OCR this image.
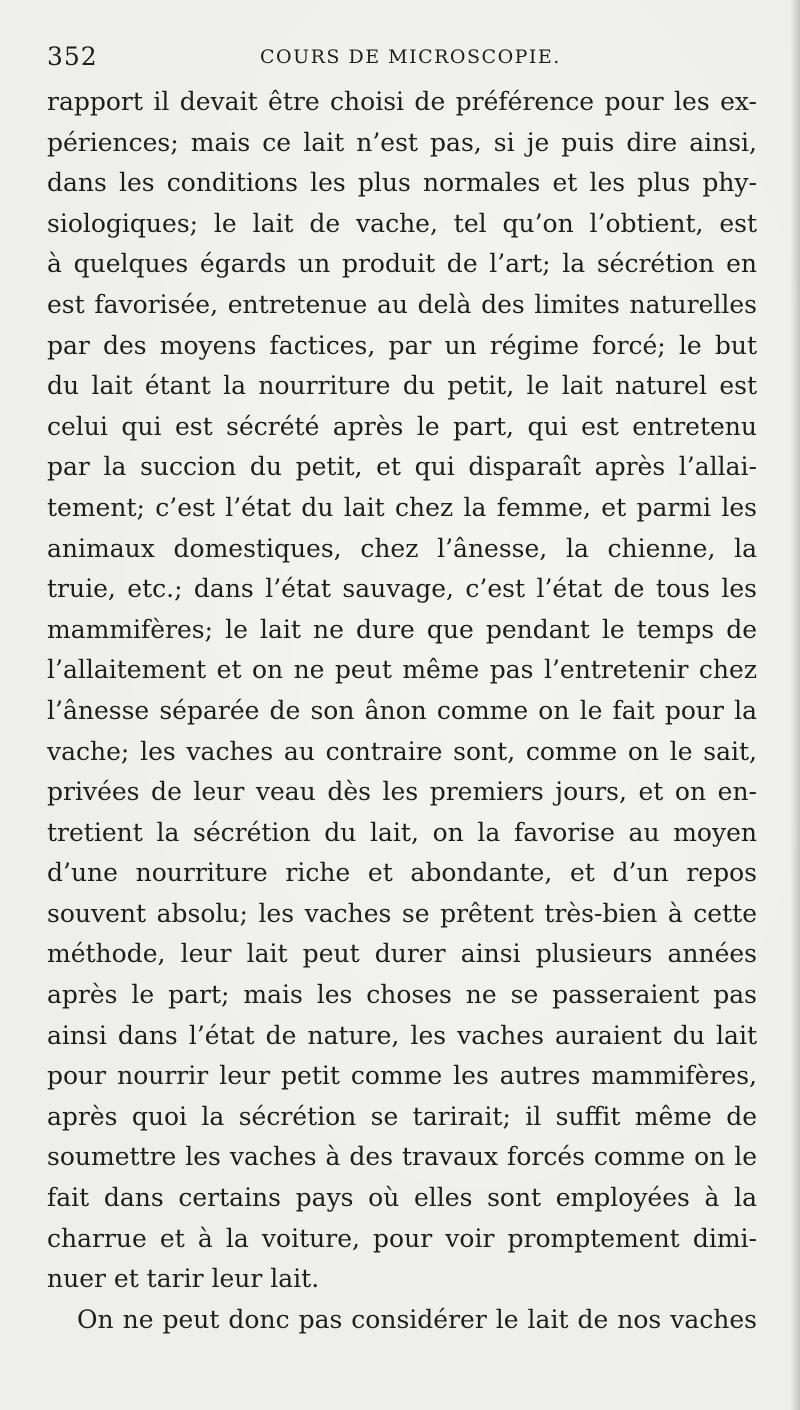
352	COURS DE MICROSCOPIE.
rapport il devait être choisi de préférence pour les ex-
périences; mais ce lait n’est pas, si je puis dire ainsi,
dans les conditions les plus normales et les plus phy-
siologiques; le lait de vache, tel qu’on l’obtient, est
à quelques égards un produit de l’art; la sécrétion en
est favorisée, entretenue au delà des limites naturelles
par des moyens factices, par un régime forcé; le but
du lait étant la nourriture du petit, le lait naturel est
celui qui est sécrété après le part, qui est entretenu
par la succion du petit, et qui disparaît après l’allai-
tement; c’est l’état du lait chez la femme, et parmi les
animaux domestiques, chez l’ânesse, la chienne, la
truie, etc.; dans l’état sauvage, c’est l’état de tous les
mammifères; le lait ne dure que pendant le temps de
l’allaitement et on ne peut même pas l’entretenir chez
l’ânesse séparée de son ânon comme on le fait pour la
vache; les vaches au contraire sont, comme on le sait,
privées de leur veau dès les premiers jours, et on en-
tretient la sécrétion du lait, on la favorise au moyen
d’une nourriture riche et abondante, et d’un repos
souvent absolu; les vaches se prêtent très-bien à cette
méthode, leur lait peut durer ainsi plusieurs années
après le part; mais les choses ne se passeraient pas
ainsi dans l’état de nature, les vaches auraient du lait
pour nourrir leur petit comme les autres mammifères,
après quoi la sécrétion se tarirait; il suffit même de
soumettre les vaches à des travaux forcés comme on le
fait dans certains pays où elles sont employées à la
charrue et à la voiture, pour voir promptement dimi-
nuer et tarir leur lait.
On ne peut donc pas considérer le lait de nos vaches
